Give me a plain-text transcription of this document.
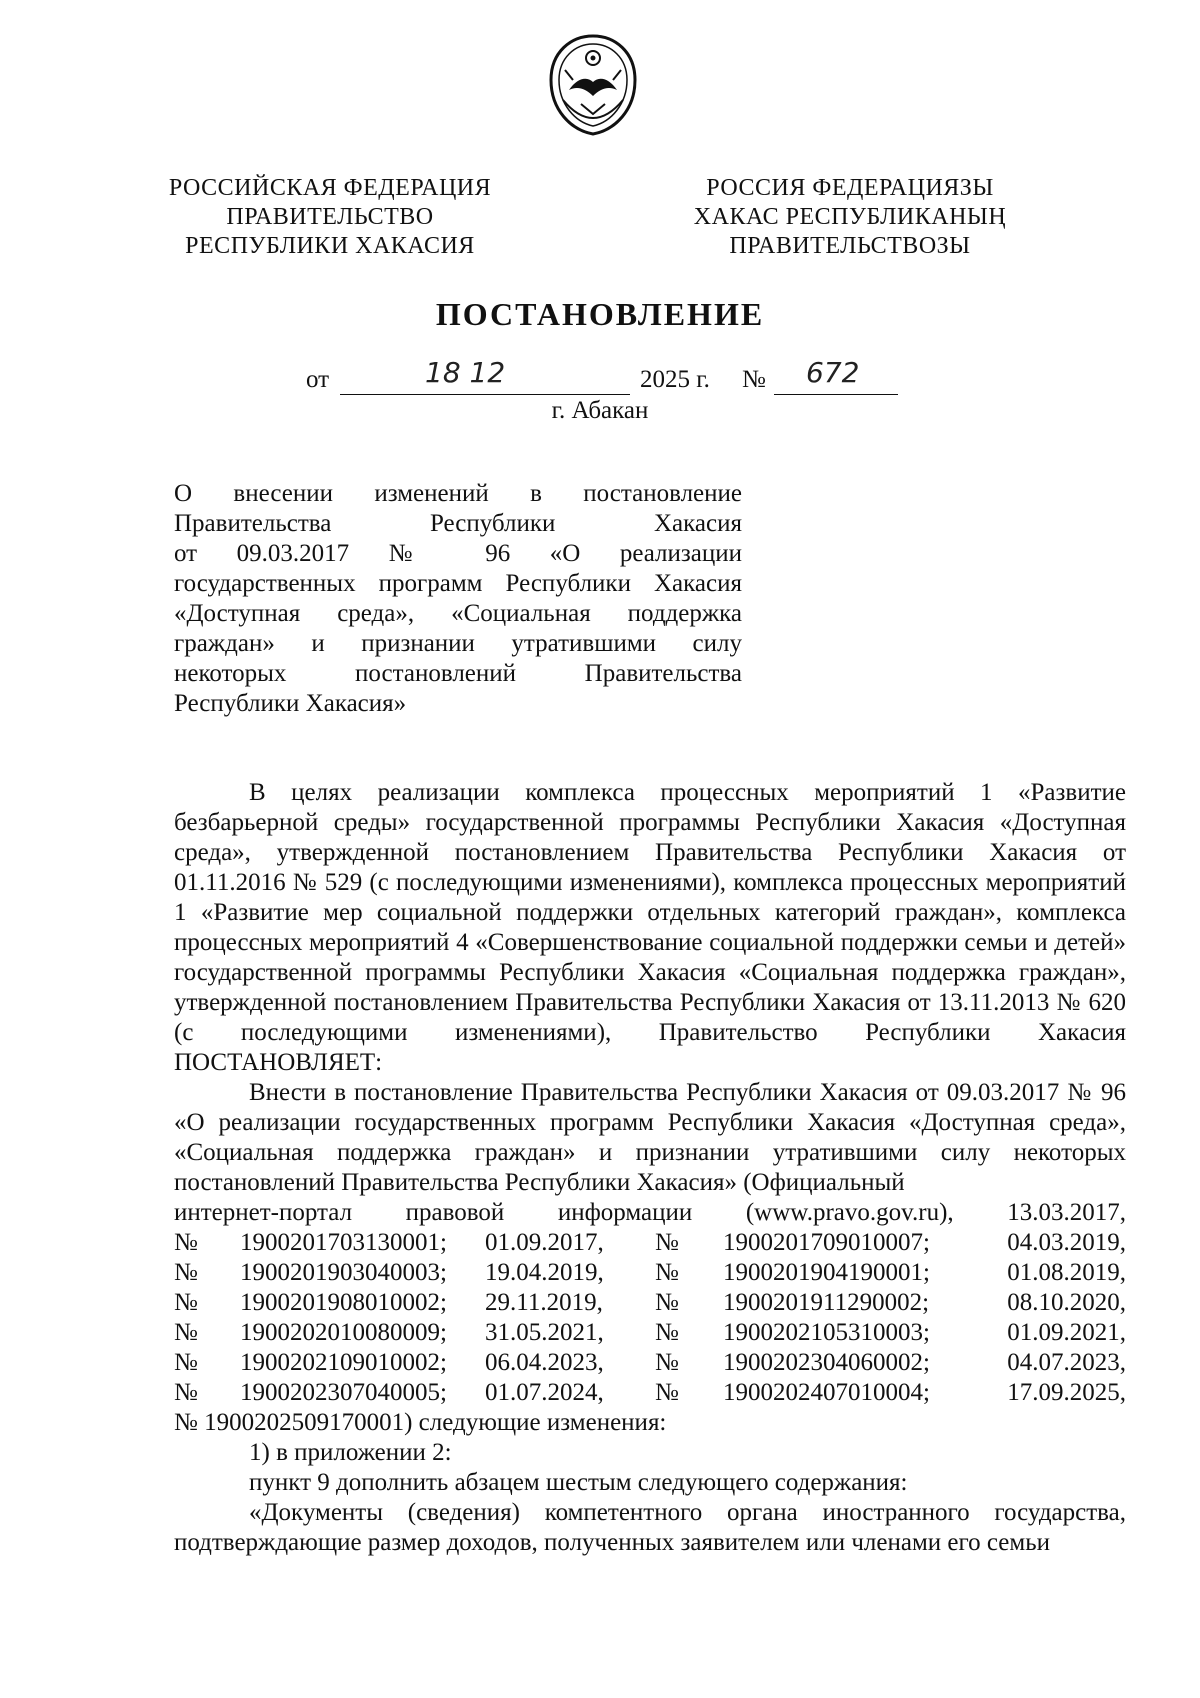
РОССИЙСКАЯ ФЕДЕРАЦИЯ
ПРАВИТЕЛЬСТВО
РЕСПУБЛИКИ ХАКАСИЯ
РОССИЯ ФЕДЕРАЦИЯЗЫ
ХАКАС РЕСПУБЛИКАНЫҢ
ПРАВИТЕЛЬСТВОЗЫ
ПОСТАНОВЛЕНИЕ
от	18 12	2025 г. № 672
г. Абакан
О внесении изменений в постановление
Правительства Республики Хакасия
от 09.03.2017 № 96 «О реализации
государственных программ Республики Хакасия
«Доступная среда», «Социальная поддержка
граждан» и признании утратившими силу
некоторых постановлений Правительства
Республики Хакасия»

В целях реализации комплекса процессных мероприятий 1 «Развитие безбарьерной среды» государственной программы Республики Хакасия «Доступная среда», утвержденной постановлением Правительства Республики Хакасия от 01.11.2016 № 529 (с последующими изменениями), комплекса процессных мероприятий 1 «Развитие мер социальной поддержки отдельных категорий граждан», комплекса процессных мероприятий 4 «Совершенствование социальной поддержки семьи и детей» государственной программы Республики Хакасия «Социальная поддержка граждан», утвержденной постановлением Правительства Республики Хакасия от 13.11.2013 № 620 (с последующими изменениями), Правительство Республики Хакасия ПОСТАНОВЛЯЕТ:

Внести в постановление Правительства Республики Хакасия от 09.03.2017 № 96 «О реализации государственных программ Республики Хакасия «Доступная среда», «Социальная поддержка граждан» и признании утратившими силу некоторых постановлений Правительства Республики Хакасия» (Официальный

интернет-портал правовой информации (www.pravo.gov.ru), 13.03.2017,					

№	1900201703130001;	01.09.2017,	№	1900201709010007;	04.03.2019,
№	1900201903040003;	19.04.2019,	№	1900201904190001;	01.08.2019,
№	1900201908010002;	29.11.2019,	№	1900201911290002;	08.10.2020,
№	1900202010080009;	31.05.2021,	№	1900202105310003;	01.09.2021,
№	1900202109010002;	06.04.2023,	№	1900202304060002;	04.07.2023,
№	1900202307040005;	01.07.2024,	№	1900202407010004;	17.09.2025,

№ 1900202509170001) следующие изменения:

1) в приложении 2:

пункт 9 дополнить абзацем шестым следующего содержания:

«Документы (сведения) компетентного органа иностранного государства, подтверждающие размер доходов, полученных заявителем или членами его семьи
